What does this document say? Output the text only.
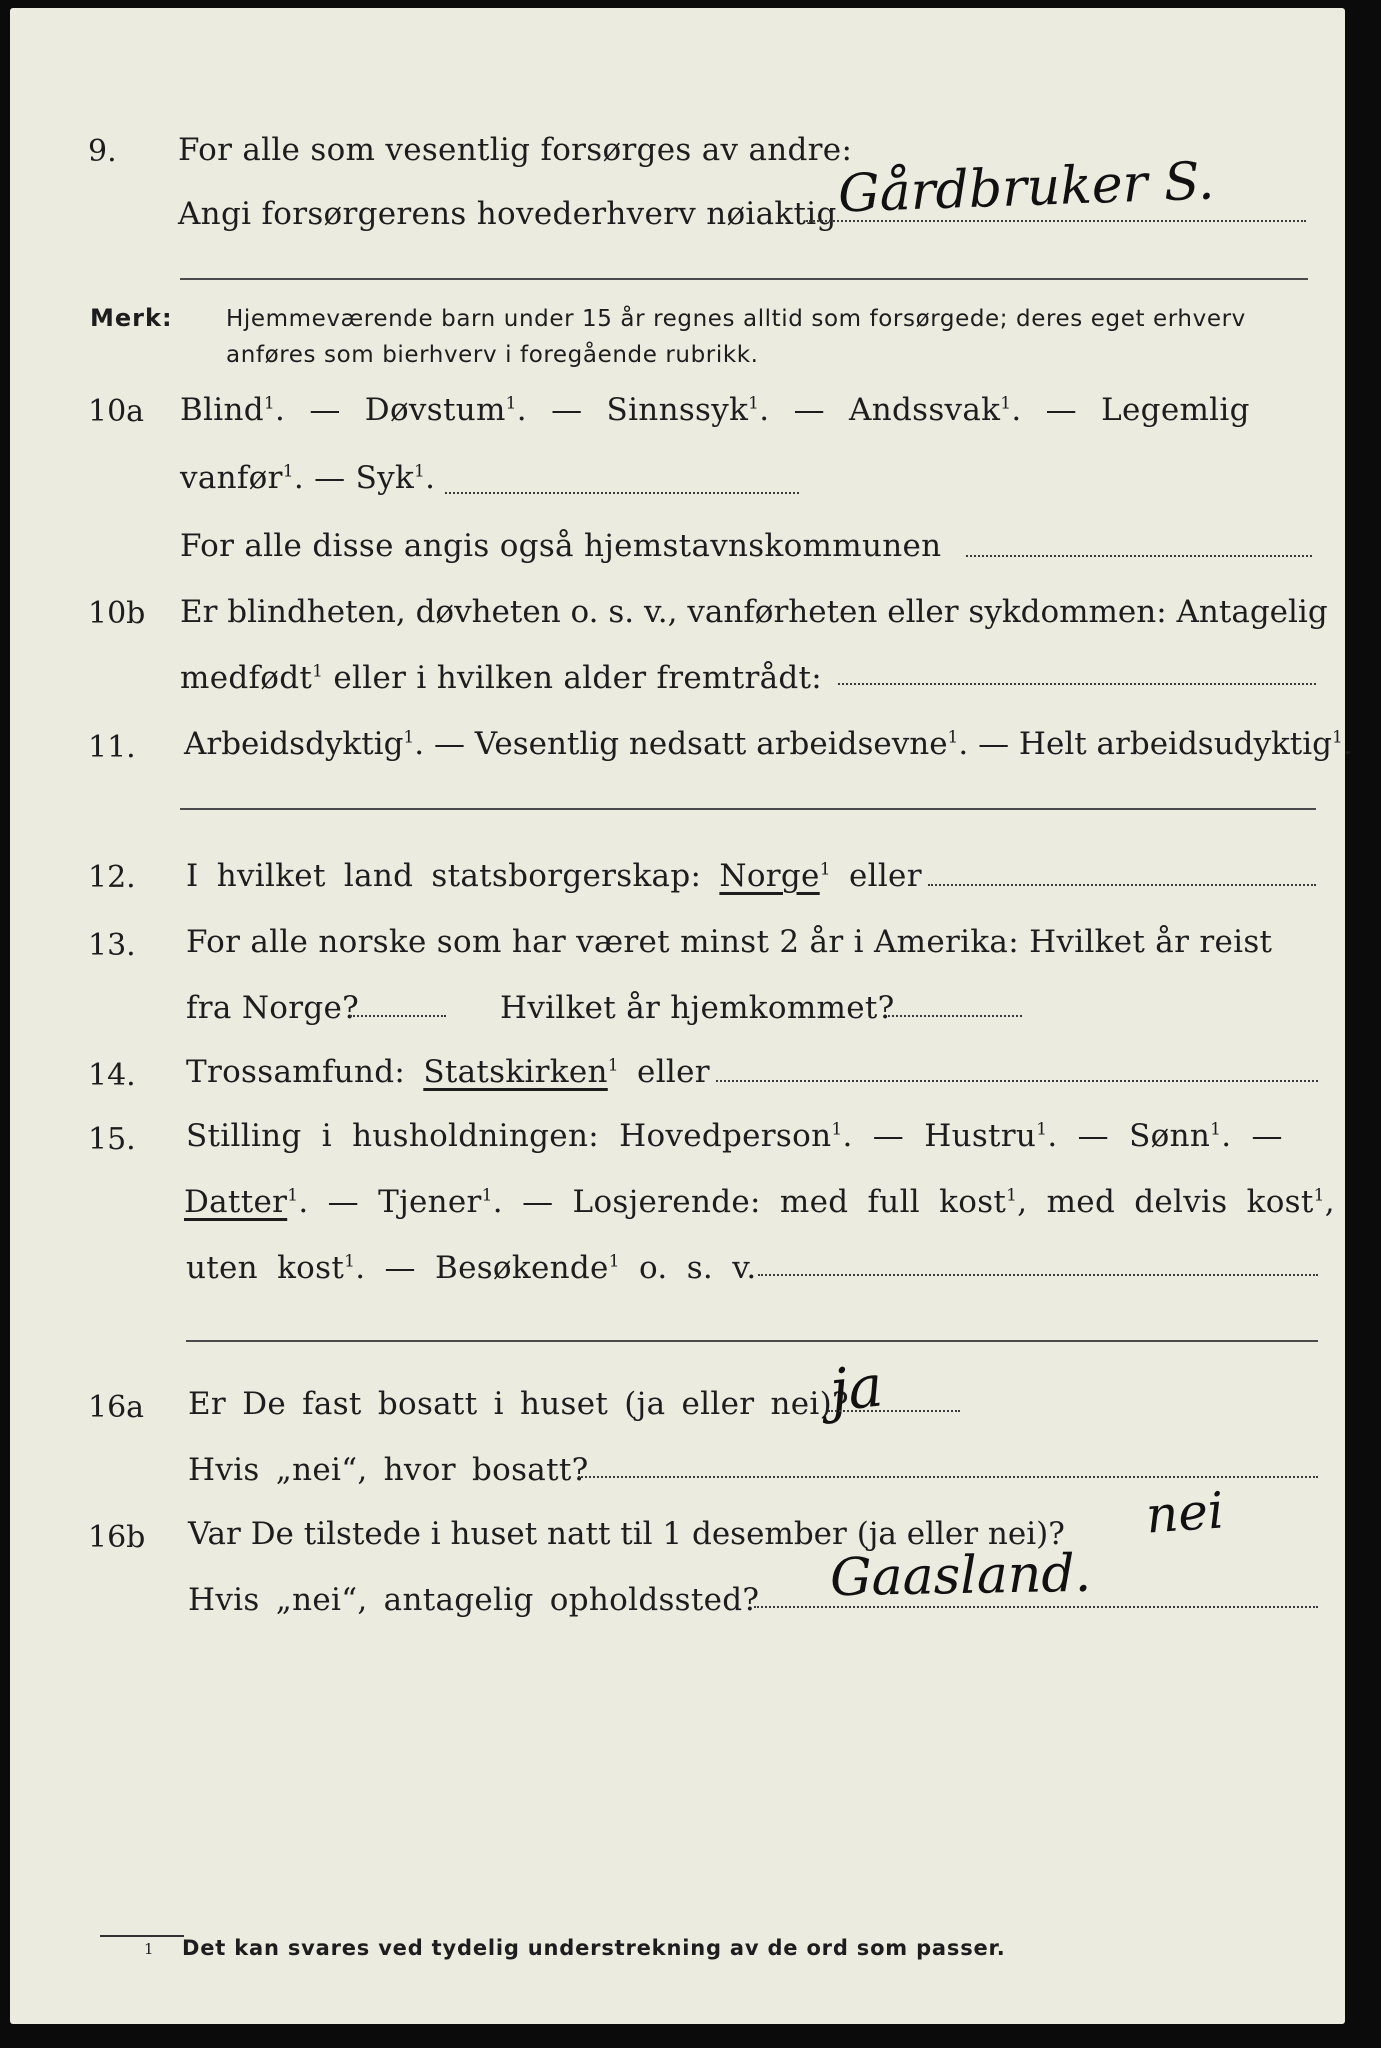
9. For alle som vesentlig forsørges av andre:
Angi forsørgerens hovederhverv nøiaktig Gårdbruker S.
Merk: Hjemmeværende barn under 15 år regnes alltid som forsørgede; deres eget erhverv
anføres som bierhverv i foregående rubrikk.
10a Blind$^1$. — Døvstum$^1$. — Sinnssyk$^1$. — Andssvak$^1$. — Legemlig
vanfør$^1$. — Syk$^1$.
For alle disse angis også hjemstavnskommunen
10b Er blindheten, døvheten o. s. v., vanførheten eller sykdommen: Antagelig
medfødt$^1$ eller i hvilken alder fremtrådt:
11. Arbeidsdyktig$^1$. — Vesentlig nedsatt arbeidsevne$^1$. — Helt arbeidsudyktig$^1$.
12. I hvilket land statsborgerskap: Norge$^1$ eller
13. For alle norske som har været minst 2 år i Amerika: Hvilket år reist
fra Norge?	Hvilket år hjemkommet?
14. Trossamfund: Statskirken$^1$ eller
15. Stilling i husholdningen: Hovedperson$^1$. — Hustru$^1$. — Sønn$^1$. —
Datter$^1$. — Tjener$^1$. — Losjerende: med full kost$^1$, med delvis kost$^1$,
uten kost$^1$. — Besøkende$^1$ o. s. v.
16a Er De fast bosatt i huset (ja eller nei)?
ja
Hvis „nei“, hvor bosatt?
16b Var De tilstede i huset natt til 1 desember (ja eller nei)? nei
Hvis „nei“, antagelig opholdssted? Gaasland.
1 Det kan svares ved tydelig understrekning av de ord som passer.
